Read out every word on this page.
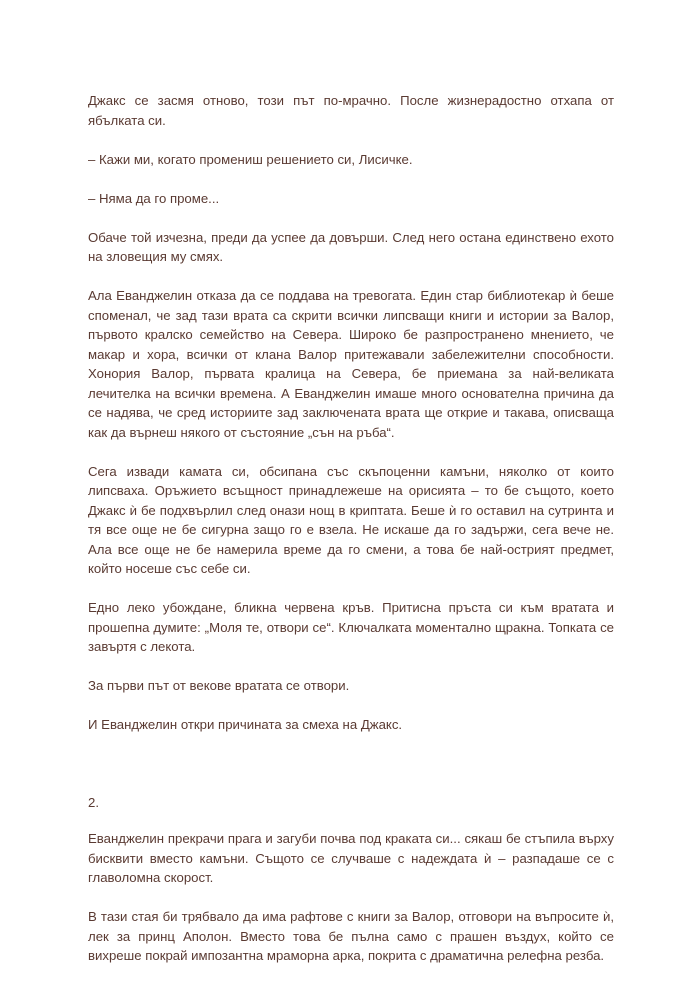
Джакс се засмя отново, този път по-мрачно. После жизнерадостно отхапа от ябълката си.

– Кажи ми, когато промениш решението си, Лисичке.

– Няма да го проме...

Обаче той изчезна, преди да успее да довърши. След него остана единствено ехото на зловещия му смях.

Ала Еванджелин отказа да се поддава на тревогата. Един стар библиотекар ѝ беше споменал, че зад тази врата са скрити всички липсващи книги и истории за Валор, първото кралско семейство на Севера. Широко бе разпространено мнението, че макар и хора, всички от клана Валор притежавали забележителни способности. Хонория Валор, първата кралица на Севера, бе приемана за най-великата лечителка на всички времена. А Еванджелин имаше много основателна причина да се надява, че сред историите зад заключената врата ще открие и такава, описваща как да върнеш някого от състояние „сън на ръба“.

Сега извади камата си, обсипана със скъпоценни камъни, няколко от които липсваха. Оръжието всъщност принадлежеше на орисията – то бе същото, което Джакс ѝ бе подхвърлил след онази нощ в криптата. Беше ѝ го оставил на сутринта и тя все още не бе сигурна защо го е взела. Не искаше да го задържи, сега вече не. Ала все още не бе намерила време да го смени, а това бе най-острият предмет, който носеше със себе си.

Едно леко убождане, бликна червена кръв. Притисна пръста си към вратата и прошепна думите: „Моля те, отвори се“. Ключалката моментално щракна. Топката се завъртя с лекота.

За първи път от векове вратата се отвори.

И Еванджелин откри причината за смеха на Джакс.

2.

Еванджелин прекрачи прага и загуби почва под краката си... сякаш бе стъпила върху бисквити вместо камъни. Същото се случваше с надеждата ѝ – разпадаше се с главоломна скорост.

В тази стая би трябвало да има рафтове с книги за Валор, отговори на въпросите ѝ, лек за принц Аполон. Вместо това бе пълна само с прашен въздух, който се вихреше покрай импозантна мраморна арка, покрита с драматична релефна резба.
